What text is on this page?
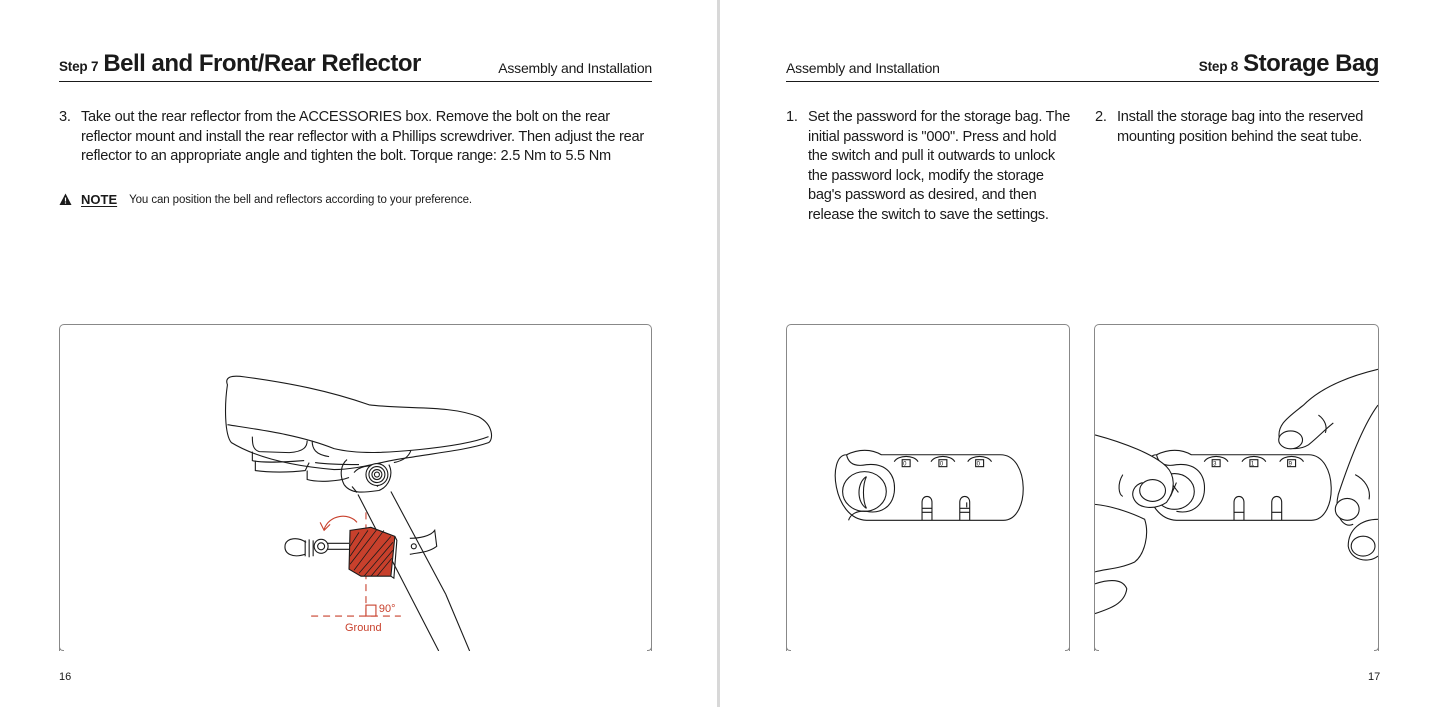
Step 7 Bell and Front/Rear Reflector	Assembly and Installation
3. Take out the rear reflector from the ACCESSORIES box. Remove the bolt on the rear reflector mount and install the rear reflector with a Phillips screwdriver. Then adjust the rear reflector to an appropriate angle and tighten the bolt. Torque range: 2.5 Nm to 5.5 Nm
NOTE You can position the bell and reflectors according to your preference.
90°
Ground
16
Assembly and Installation	Step 8 Storage Bag
1. Set the password for the storage bag. The initial password is "000". Press and hold the switch and pull it outwards to unlock the password lock, modify the storage bag's password as desired, and then release the switch to save the settings.
2. Install the storage bag into the reserved mounting position behind the seat tube.
0	0	0	3	1	9
17
